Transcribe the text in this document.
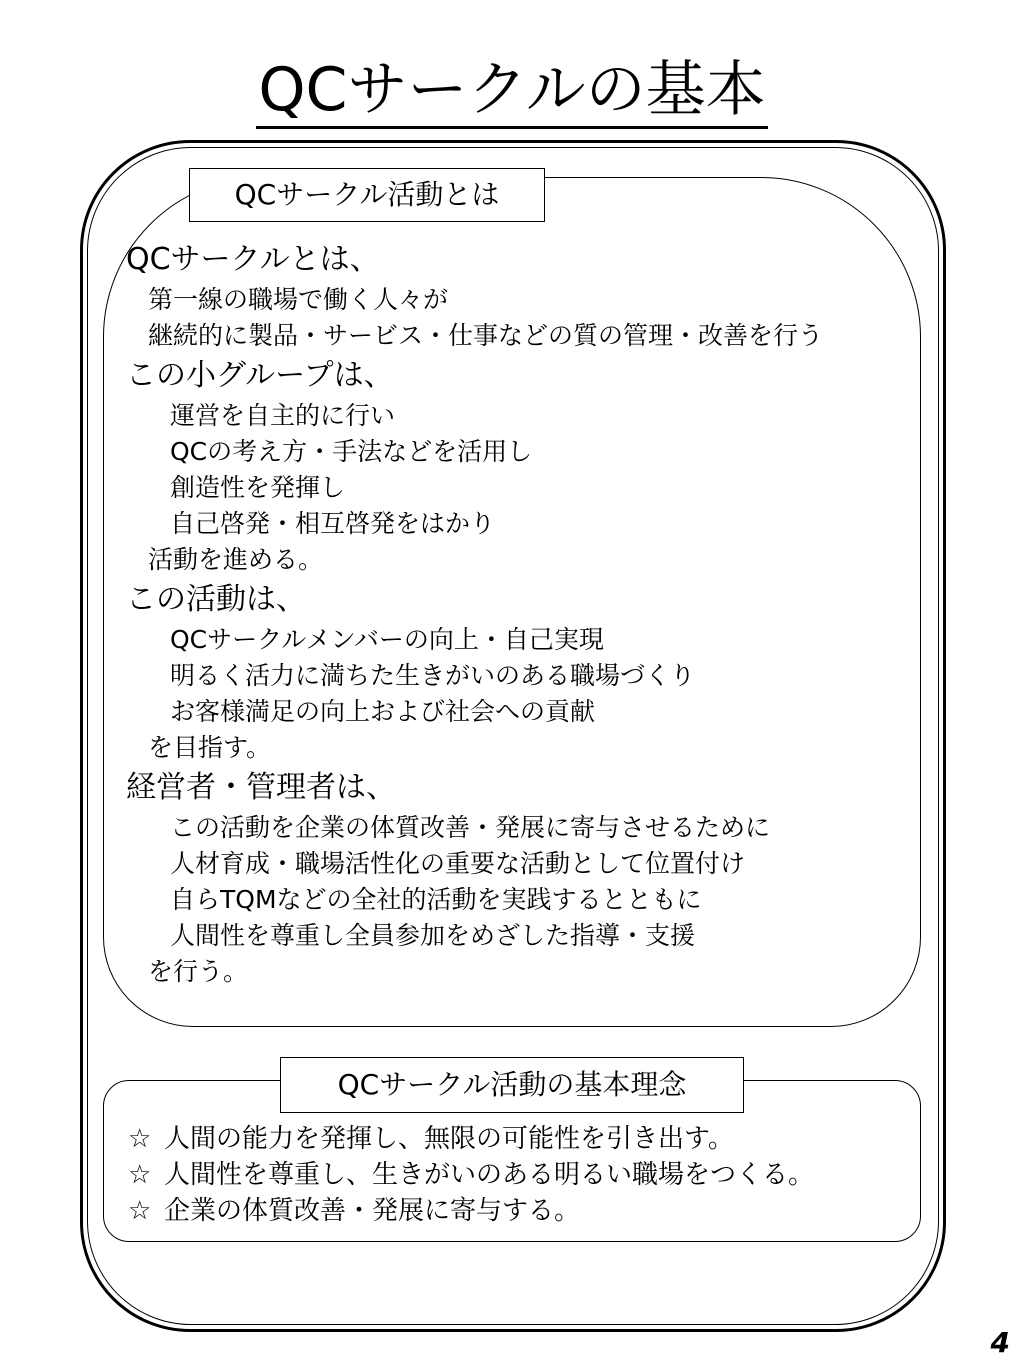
QCサークルの基本
QCサークル活動とは
QCサークルとは、
第一線の職場で働く人々が
継続的に製品・サービス・仕事などの質の管理・改善を行う
この小グループは、
運営を自主的に行い
QCの考え方・手法などを活用し
創造性を発揮し
自己啓発・相互啓発をはかり
活動を進める。
この活動は、
QCサークルメンバーの向上・自己実現
明るく活力に満ちた生きがいのある職場づくり
お客様満足の向上および社会への貢献
を目指す。
経営者・管理者は、
この活動を企業の体質改善・発展に寄与させるために
人材育成・職場活性化の重要な活動として位置付け
自らTQMなどの全社的活動を実践するとともに
人間性を尊重し全員参加をめざした指導・支援
を行う。
QCサークル活動の基本理念
☆ 人間の能力を発揮し、無限の可能性を引き出す。
☆ 人間性を尊重し、生きがいのある明るい職場をつくる。
☆ 企業の体質改善・発展に寄与する。
4
